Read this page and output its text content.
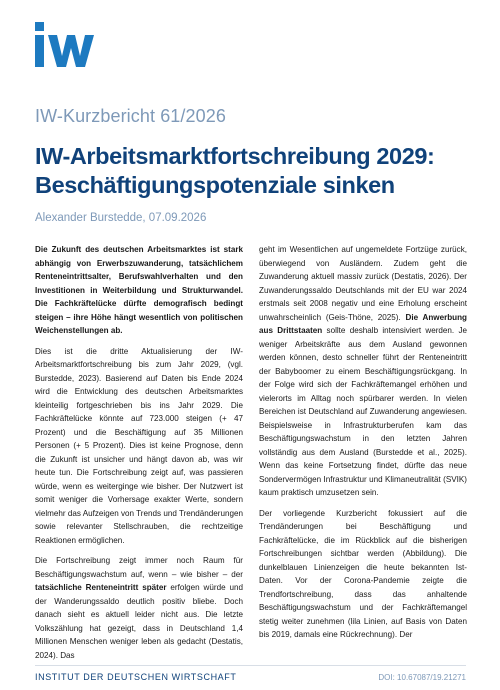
IW-Kurzbericht 61/2026
IW-Arbeitsmarktfortschreibung 2029:
Beschäftigungspotenziale sinken
Alexander Burstedde, 07.09.2026

Die Zukunft des deutschen Arbeitsmarktes ist stark abhängig von Erwerbszuwanderung, tatsächlichem Renteneintrittsalter, Berufswahlverhalten und den Investitionen in Weiterbildung und Strukturwandel. Die Fachkräftelücke dürfte demografisch bedingt steigen – ihre Höhe hängt wesentlich von politischen Weichenstellungen ab.

Dies ist die dritte Aktualisierung der IW-Arbeitsmarktfortschreibung bis zum Jahr 2029, (vgl. Burstedde, 2023). Basierend auf Daten bis Ende 2024 wird die Entwicklung des deutschen Arbeitsmarktes kleinteilig fortgeschrieben bis ins Jahr 2029. Die Fachkräftelücke könnte auf 723.000 steigen (+ 47 Prozent) und die Beschäftigung auf 35 Millionen Personen (+ 5 Prozent). Dies ist keine Prognose, denn die Zukunft ist unsicher und hängt davon ab, was wir heute tun. Die Fortschreibung zeigt auf, was passieren würde, wenn es weiterginge wie bisher. Der Nutzwert ist somit weniger die Vorhersage exakter Werte, sondern vielmehr das Aufzeigen von Trends und Trendänderungen sowie relevanter Stellschrauben, die rechtzeitige Reaktionen ermöglichen.

Die Fortschreibung zeigt immer noch Raum für Beschäftigungswachstum auf, wenn – wie bisher – der tatsächliche Renteneintritt später erfolgen würde und der Wanderungssaldo deutlich positiv bliebe. Doch danach sieht es aktuell leider nicht aus. Die letzte Volkszählung hat gezeigt, dass in Deutschland 1,4 Millionen Menschen weniger leben als gedacht (Destatis, 2024). Das

geht im Wesentlichen auf ungemeldete Fortzüge zurück, überwiegend von Ausländern. Zudem geht die Zuwanderung aktuell massiv zurück (Destatis, 2026). Der Zuwanderungssaldo Deutschlands mit der EU war 2024 erstmals seit 2008 negativ und eine Erholung erscheint unwahrscheinlich (Geis-Thöne, 2025). Die Anwerbung aus Drittstaaten sollte deshalb intensiviert werden. Je weniger Arbeitskräfte aus dem Ausland gewonnen werden können, desto schneller führt der Renteneintritt der Babyboomer zu einem Beschäftigungsrückgang. In der Folge wird sich der Fachkräftemangel erhöhen und vielerorts im Alltag noch spürbarer werden. In vielen Bereichen ist Deutschland auf Zuwanderung angewiesen. Beispielsweise in Infrastrukturberufen kam das Beschäftigungswachstum in den letzten Jahren vollständig aus dem Ausland (Burstedde et al., 2025). Wenn das keine Fortsetzung findet, dürfte das neue Sondervermögen Infrastruktur und Klimaneutralität (SVIK) kaum praktisch umzusetzen sein.

Der vorliegende Kurzbericht fokussiert auf die Trendänderungen bei Beschäftigung und Fachkräftelücke, die im Rückblick auf die bisherigen Fortschreibungen sichtbar werden (Abbildung). Die dunkelblauen Linienzeigen die heute bekannten Ist-Daten. Vor der Corona-Pandemie zeigte die Trendfortschreibung, dass das anhaltende Beschäftigungswachstum und der Fachkräftemangel stetig weiter zunehmen (lila Linien, auf Basis von Daten bis 2019, damals eine Rückrechnung). Der

INSTITUT DER DEUTSCHEN WIRTSCHAFT	DOI: 10.67087/19.21271
